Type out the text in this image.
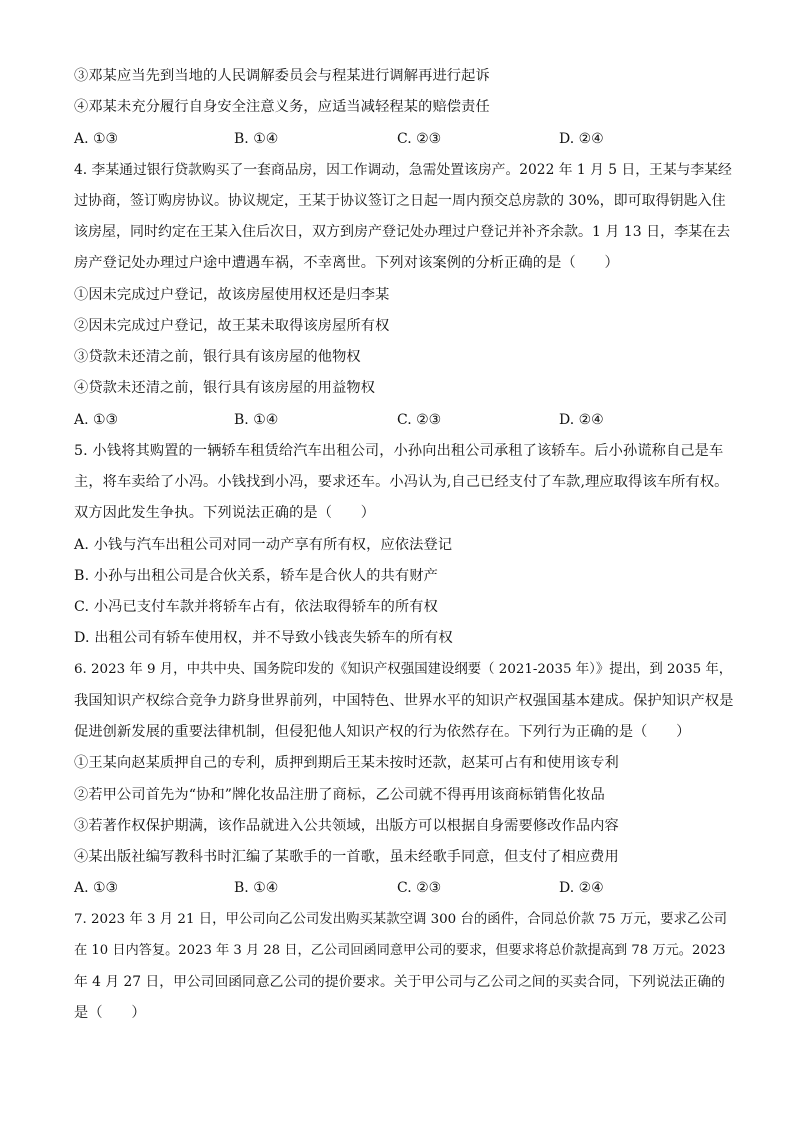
③邓某应当先到当地的人民调解委员会与程某进行调解再进行起诉
④邓某未充分履行自身安全注意义务，应适当减轻程某的赔偿责任
A. ①③	B. ①④	C. ②③	D. ②④
4. 李某通过银行贷款购买了一套商品房，因工作调动，急需处置该房产。2022 年 1 月 5 日，王某与李某经
过协商，签订购房协议。协议规定，王某于协议签订之日起一周内预交总房款的 30%，即可取得钥匙入住
该房屋，同时约定在王某入住后次日，双方到房产登记处办理过户登记并补齐余款。1 月 13 日，李某在去
房产登记处办理过户途中遭遇车祸，不幸离世。下列对该案例的分析正确的是（　　）
①因未完成过户登记，故该房屋使用权还是归李某
②因未完成过户登记，故王某未取得该房屋所有权
③贷款未还清之前，银行具有该房屋的他物权
④贷款未还清之前，银行具有该房屋的用益物权
A. ①③	B. ①④	C. ②③	D. ②④
5. 小钱将其购置的一辆轿车租赁给汽车出租公司，小孙向出租公司承租了该轿车。后小孙谎称自己是车
主，将车卖给了小冯。小钱找到小冯，要求还车。小冯认为,自己已经支付了车款,理应取得该车所有权。
双方因此发生争执。下列说法正确的是（　　）
A. 小钱与汽车出租公司对同一动产享有所有权，应依法登记
B. 小孙与出租公司是合伙关系，轿车是合伙人的共有财产
C. 小冯已支付车款并将轿车占有，依法取得轿车的所有权
D. 出租公司有轿车使用权，并不导致小钱丧失轿车的所有权
6. 2023 年 9 月，中共中央、国务院印发的《知识产权强国建设纲要（ 2021-2035 年）》提出，到 2035 年，
我国知识产权综合竞争力跻身世界前列，中国特色、世界水平的知识产权强国基本建成。保护知识产权是
促进创新发展的重要法律机制，但侵犯他人知识产权的行为依然存在。下列行为正确的是（　　）
①王某向赵某质押自己的专利，质押到期后王某未按时还款，赵某可占有和使用该专利
②若甲公司首先为“协和”牌化妆品注册了商标，乙公司就不得再用该商标销售化妆品
③若著作权保护期满，该作品就进入公共领域，出版方可以根据自身需要修改作品内容
④某出版社编写教科书时汇编了某歌手的一首歌，虽未经歌手同意，但支付了相应费用
A. ①③	B. ①④	C. ②③	D. ②④
7. 2023 年 3 月 21 日，甲公司向乙公司发出购买某款空调 300 台的函件，合同总价款 75 万元，要求乙公司
在 10 日内答复。2023 年 3 月 28 日，乙公司回函同意甲公司的要求，但要求将总价款提高到 78 万元。2023
年 4 月 27 日，甲公司回函同意乙公司的提价要求。关于甲公司与乙公司之间的买卖合同，下列说法正确的
是（　　）
